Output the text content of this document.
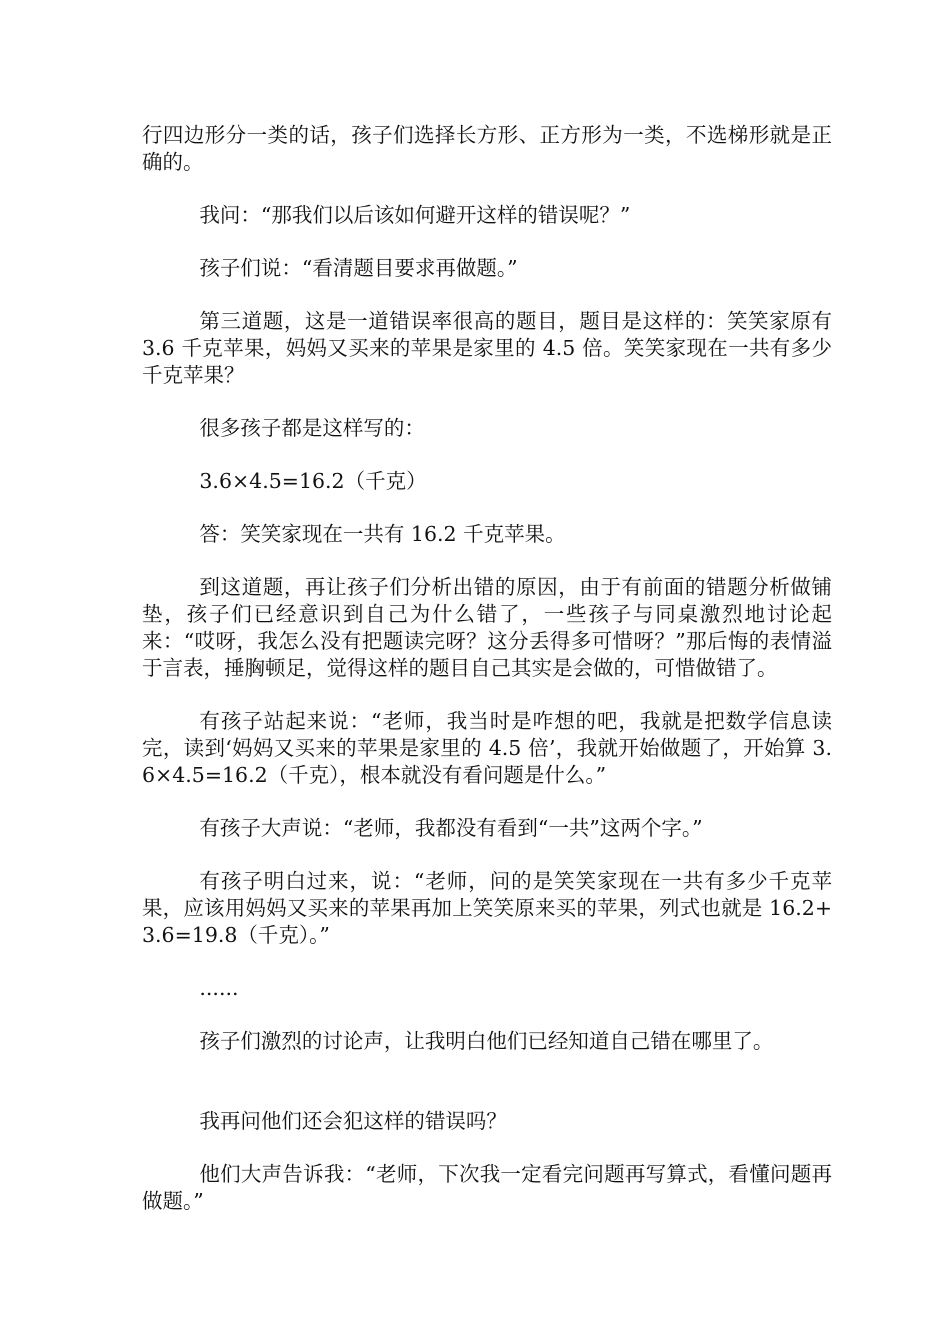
行四边形分一类的话，孩子们选择长方形、正方形为一类，不选梯形就是正确的。

我问：“那我们以后该如何避开这样的错误呢？”

孩子们说：“看清题目要求再做题。”

第三道题，这是一道错误率很高的题目，题目是这样的：笑笑家原有 3.6 千克苹果，妈妈又买来的苹果是家里的 4.5 倍。笑笑家现在一共有多少千克苹果？

很多孩子都是这样写的：

3.6×4.5=16.2（千克）

答：笑笑家现在一共有 16.2 千克苹果。

到这道题，再让孩子们分析出错的原因，由于有前面的错题分析做铺垫，孩子们已经意识到自己为什么错了，一些孩子与同桌激烈地讨论起来：“哎呀，我怎么没有把题读完呀？这分丢得多可惜呀？”那后悔的表情溢于言表，捶胸顿足，觉得这样的题目自己其实是会做的，可惜做错了。

有孩子站起来说：“老师，我当时是咋想的吧，我就是把数学信息读完，读到‘妈妈又买来的苹果是家里的 4.5 倍’，我就开始做题了，开始算 3.6×4.5=16.2（千克），根本就没有看问题是什么。”

有孩子大声说：“老师，我都没有看到“一共”这两个字。”

有孩子明白过来，说：“老师，问的是笑笑家现在一共有多少千克苹果，应该用妈妈又买来的苹果再加上笑笑原来买的苹果，列式也就是 16.2+3.6=19.8（千克）。”

......

孩子们激烈的讨论声，让我明白他们已经知道自己错在哪里了。

我再问他们还会犯这样的错误吗？

他们大声告诉我：“老师，下次我一定看完问题再写算式，看懂问题再做题。”
